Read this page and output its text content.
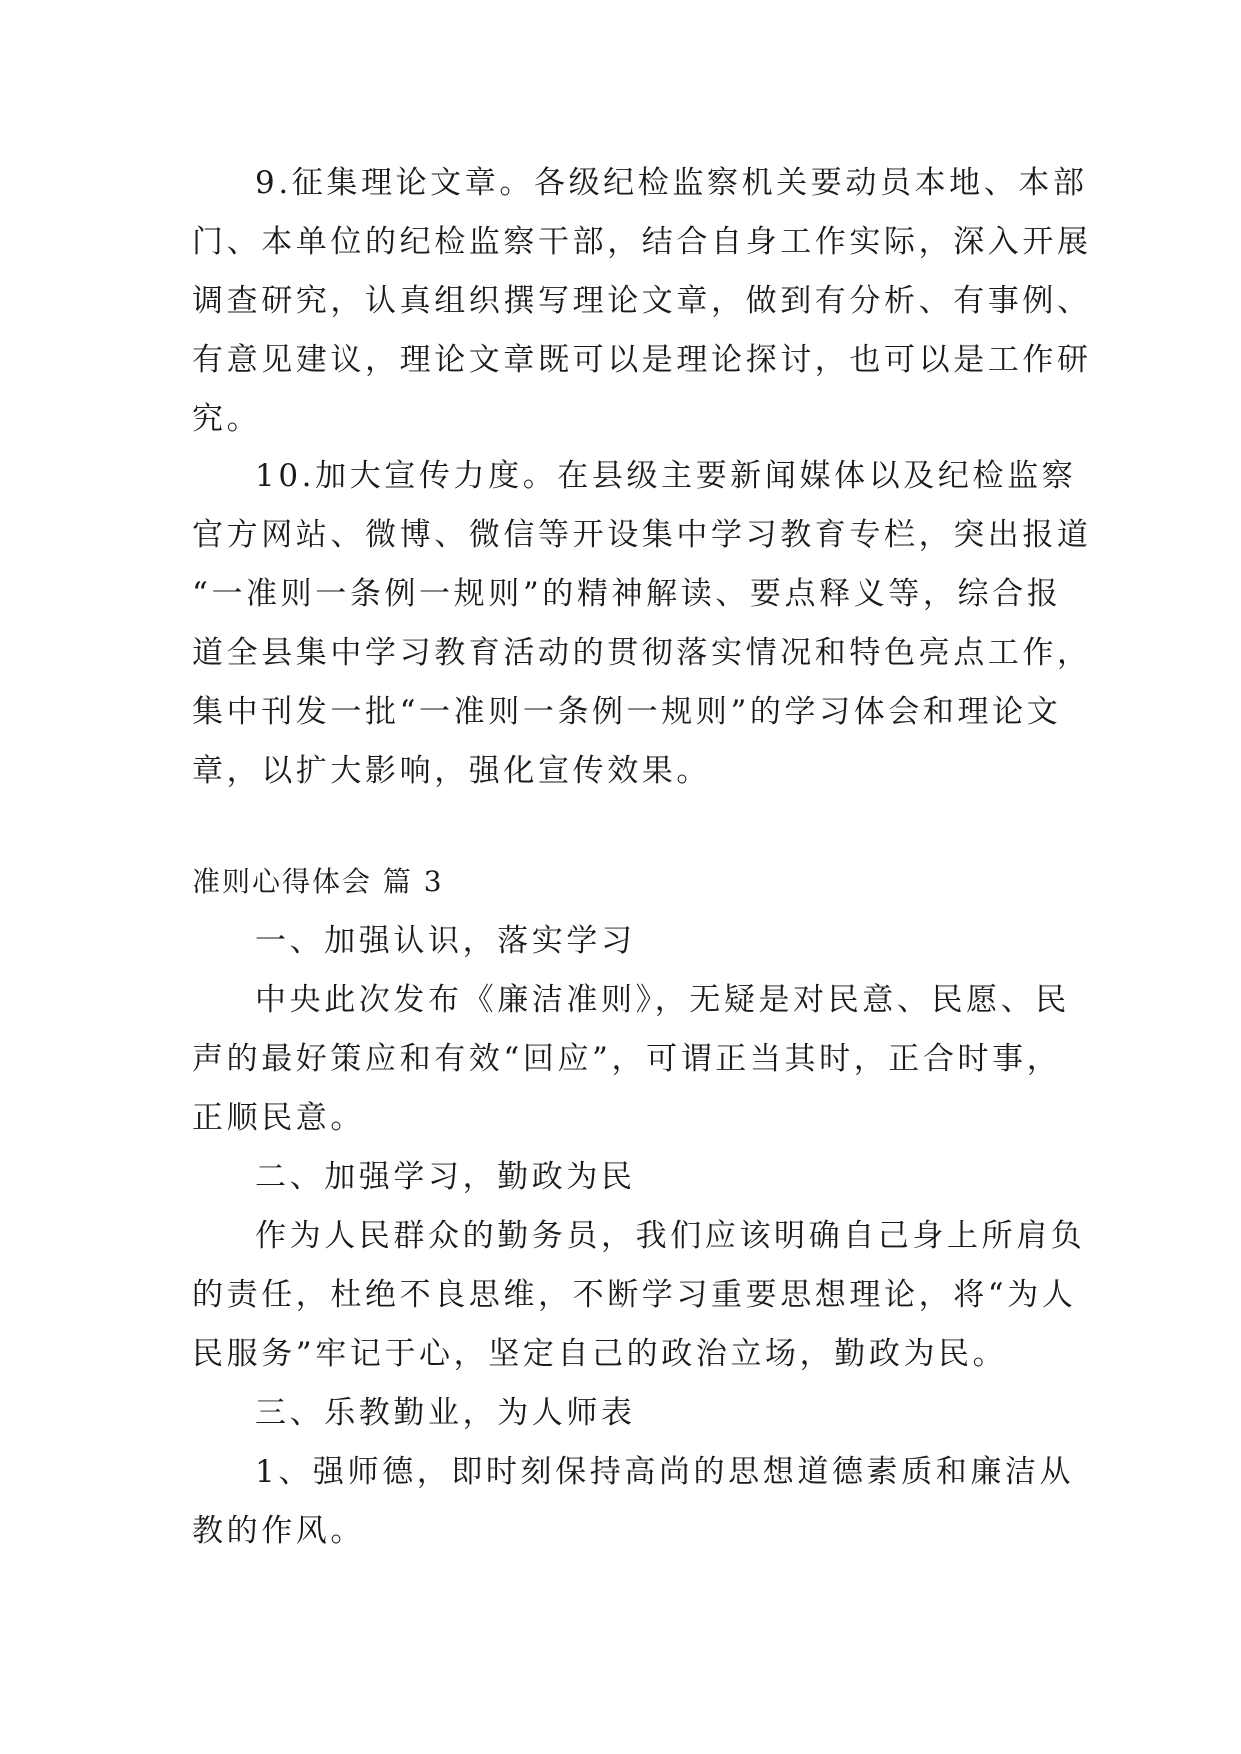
9.征集理论文章。各级纪检监察机关要动员本地、本部
门、本单位的纪检监察干部，结合自身工作实际，深入开展
调查研究，认真组织撰写理论文章，做到有分析、有事例、
有意见建议，理论文章既可以是理论探讨，也可以是工作研
究。
10.加大宣传力度。在县级主要新闻媒体以及纪检监察
官方网站、微博、微信等开设集中学习教育专栏，突出报道
“一准则一条例一规则”的精神解读、要点释义等，综合报
道全县集中学习教育活动的贯彻落实情况和特色亮点工作，
集中刊发一批“一准则一条例一规则”的学习体会和理论文
章，以扩大影响，强化宣传效果。
准则心得体会 篇 3
一、加强认识，落实学习
中央此次发布《廉洁准则》，无疑是对民意、民愿、民
声的最好策应和有效“回应”，可谓正当其时，正合时事，
正顺民意。
二、加强学习，勤政为民
作为人民群众的勤务员，我们应该明确自己身上所肩负
的责任，杜绝不良思维，不断学习重要思想理论，将“为人
民服务”牢记于心，坚定自己的政治立场，勤政为民。
三、乐教勤业，为人师表
1、强师德，即时刻保持高尚的思想道德素质和廉洁从
教的作风。
